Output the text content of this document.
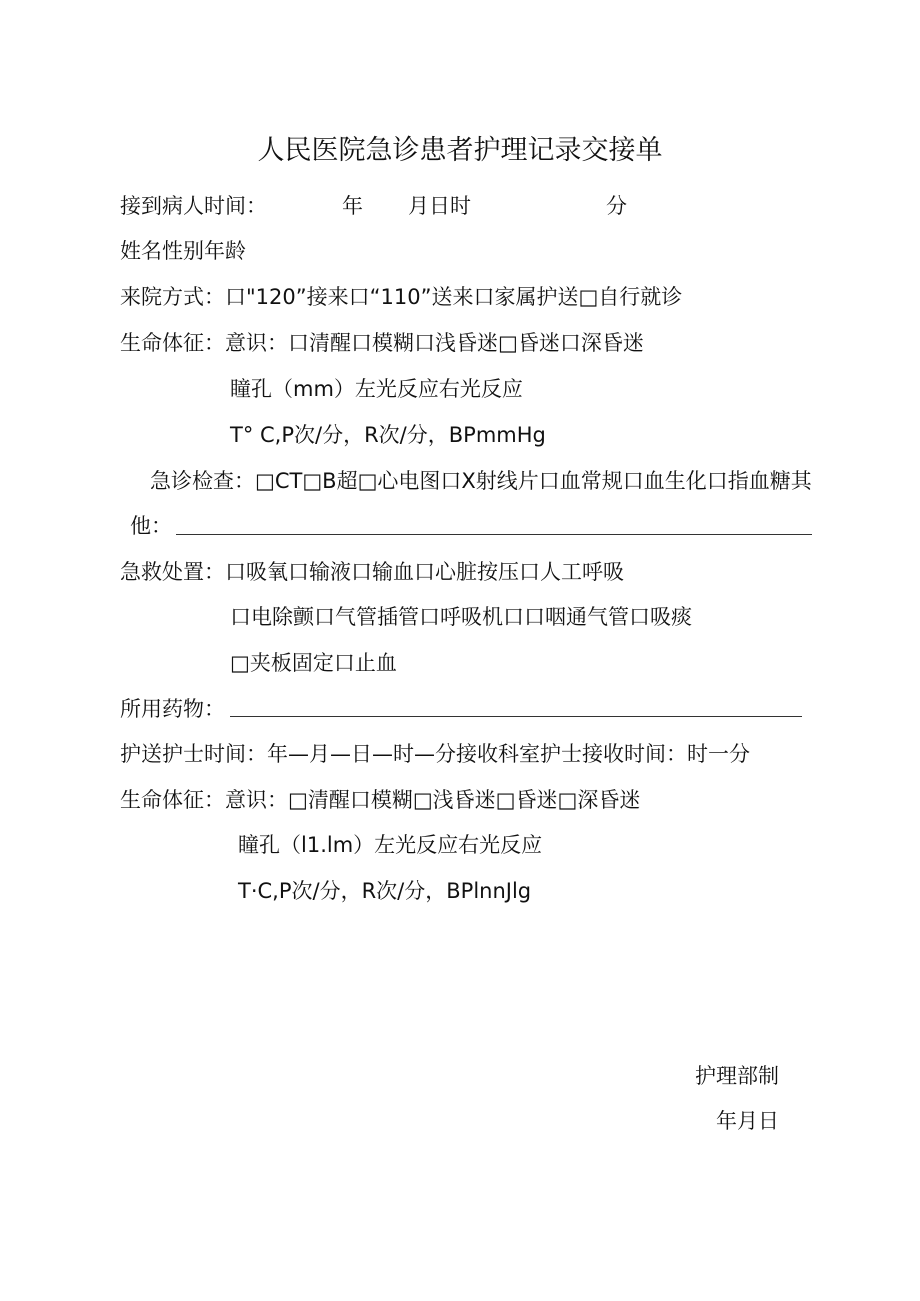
人民医院急诊患者护理记录交接单
接到病人时间：	年 月日时	分
姓名性别年龄
来院方式：口"120”接来口“110”送来口家属护送□自行就诊
生命体征：意识：口清醒口模糊口浅昏迷□昏迷口深昏迷
瞳孔（mm）左光反应右光反应
T° C,P次/分，R次/分，BPmmHg
急诊检查：□CT□B超□心电图口X射线片口血常规口血生化口指血糖其
他：
急救处置：口吸氧口输液口输血口心脏按压口人工呼吸
口电除颤口气管插管口呼吸机口口咽通气管口吸痰
□夹板固定口止血
所用药物：
护送护士时间：年—月—日—时—分接收科室护士接收时间：时一分
生命体征：意识：□清醒口模糊□浅昏迷□昏迷□深昏迷
瞳孔（l1.lm）左光反应右光反应
T·C,P次/分，R次/分，BPlnnJlg
护理部制
年月日
